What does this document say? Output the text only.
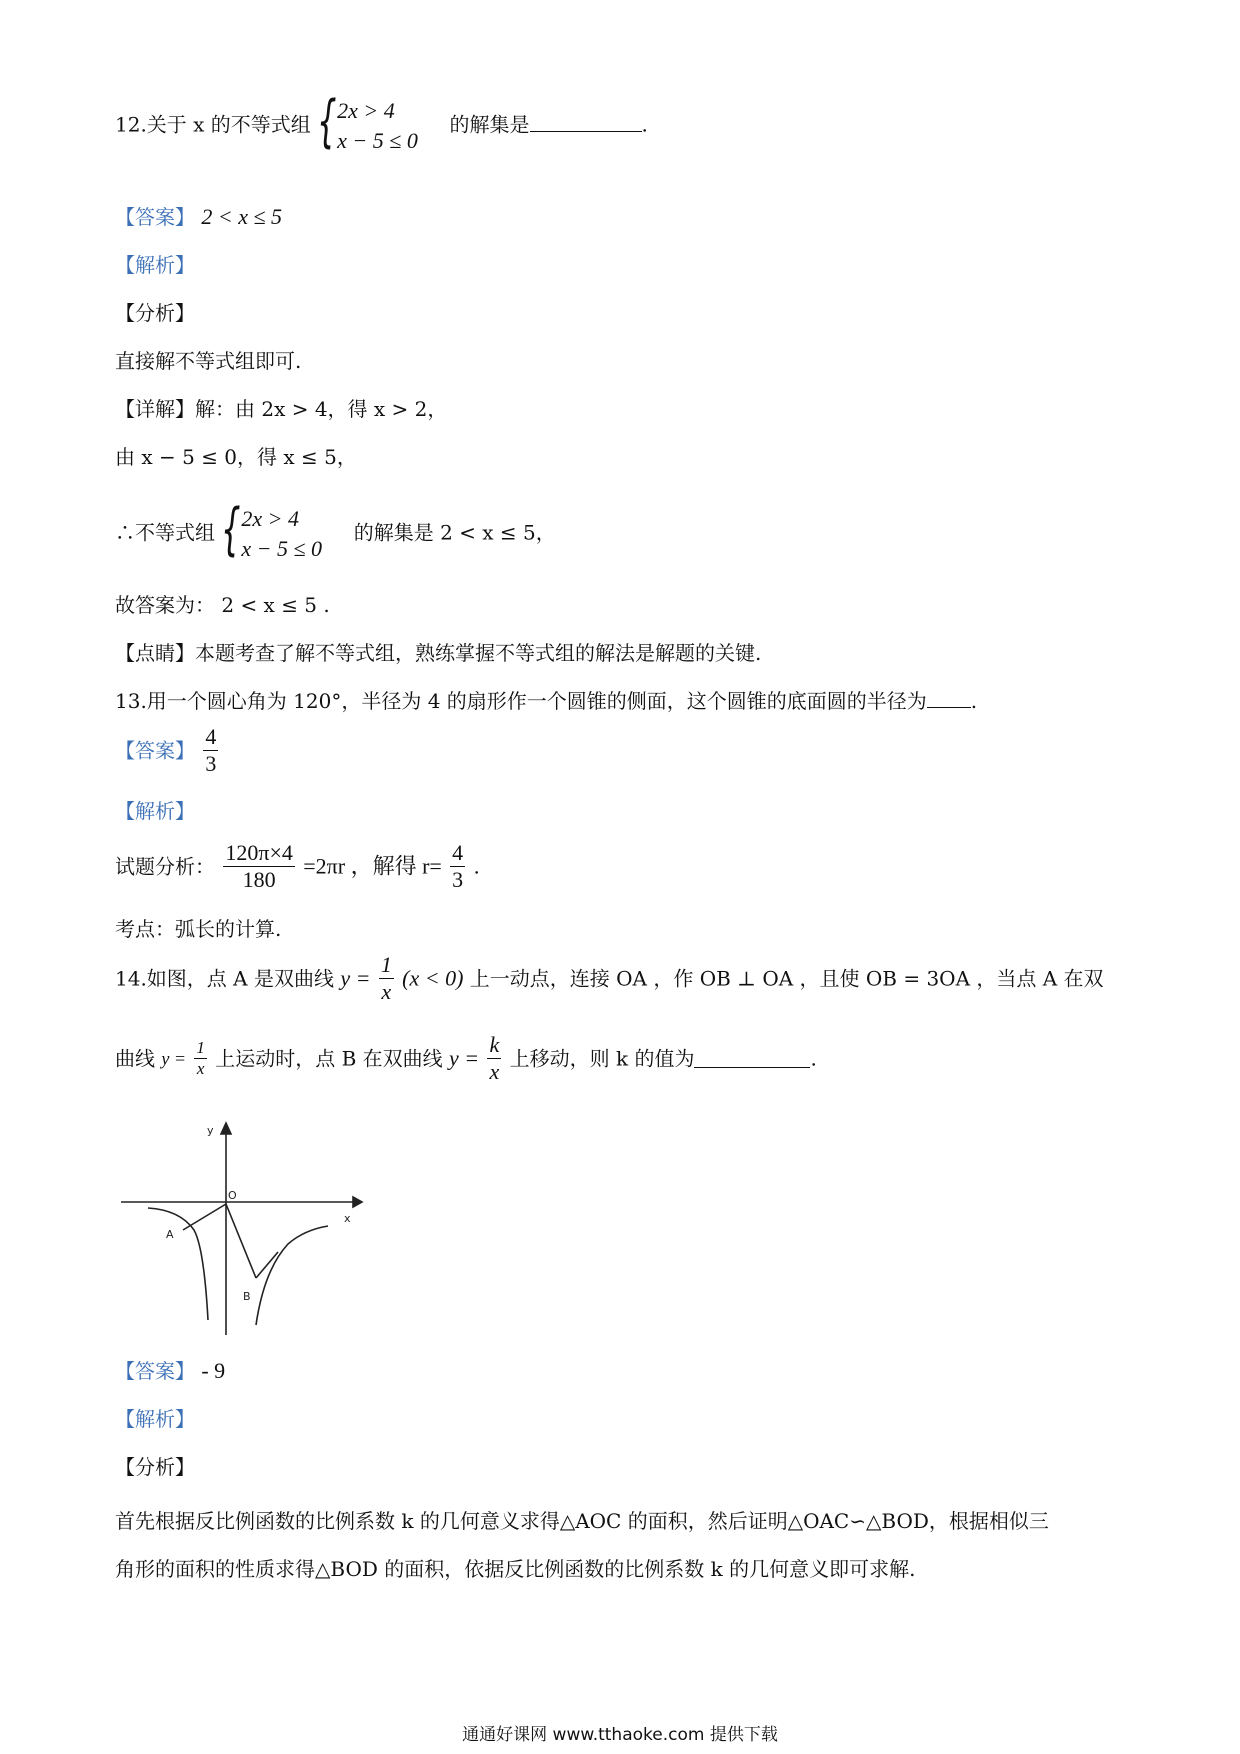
12.关于 x 的不等式组 { 2x > 4
x − 5 ≤ 0
的解集是	.
【答案】 2 < x ≤ 5
【解析】
【分析】
直接解不等式组即可.
【详解】解：由 2x > 4，得 x > 2，
由 x − 5 ≤ 0，得 x ≤ 5，
∴不等式组 { 2x > 4
x − 5 ≤ 0
的解集是 2 < x ≤ 5，
故答案为： 2 < x ≤ 5 .
【点睛】本题考查了解不等式组，熟练掌握不等式组的解法是解题的关键.
13.用一个圆心角为 120°，半径为 4 的扇形作一个圆锥的侧面，这个圆锥的底面圆的半径为 .
【答案】 $\frac{4}{3}$
【解析】
试题分析： $\frac{120\pi\times 4}{180} =2\pi r$ ，解得 $r= \frac{4}{3}$ .
考点：弧长的计算.
14.如图，点 A 是双曲线 $y = \frac{1}{x} (x < 0)$ 上一动点，连接 OA ，作 OB ⊥ OA ，且使 OB = 3OA ，当点 A 在双
曲线 $y = \frac{1}{x}$ 上运动时，点 B 在双曲线 $y = \frac{k}{x}$ 上移动，则 k 的值为	.
y
x
O
A
B
【答案】 - 9
【解析】
【分析】
首先根据反比例函数的比例系数 k 的几何意义求得△AOC 的面积，然后证明△OAC∽△BOD，根据相似三
角形的面积的性质求得△BOD 的面积，依据反比例函数的比例系数 k 的几何意义即可求解.
通通好课网 www.tthaoke.com 提供下载
